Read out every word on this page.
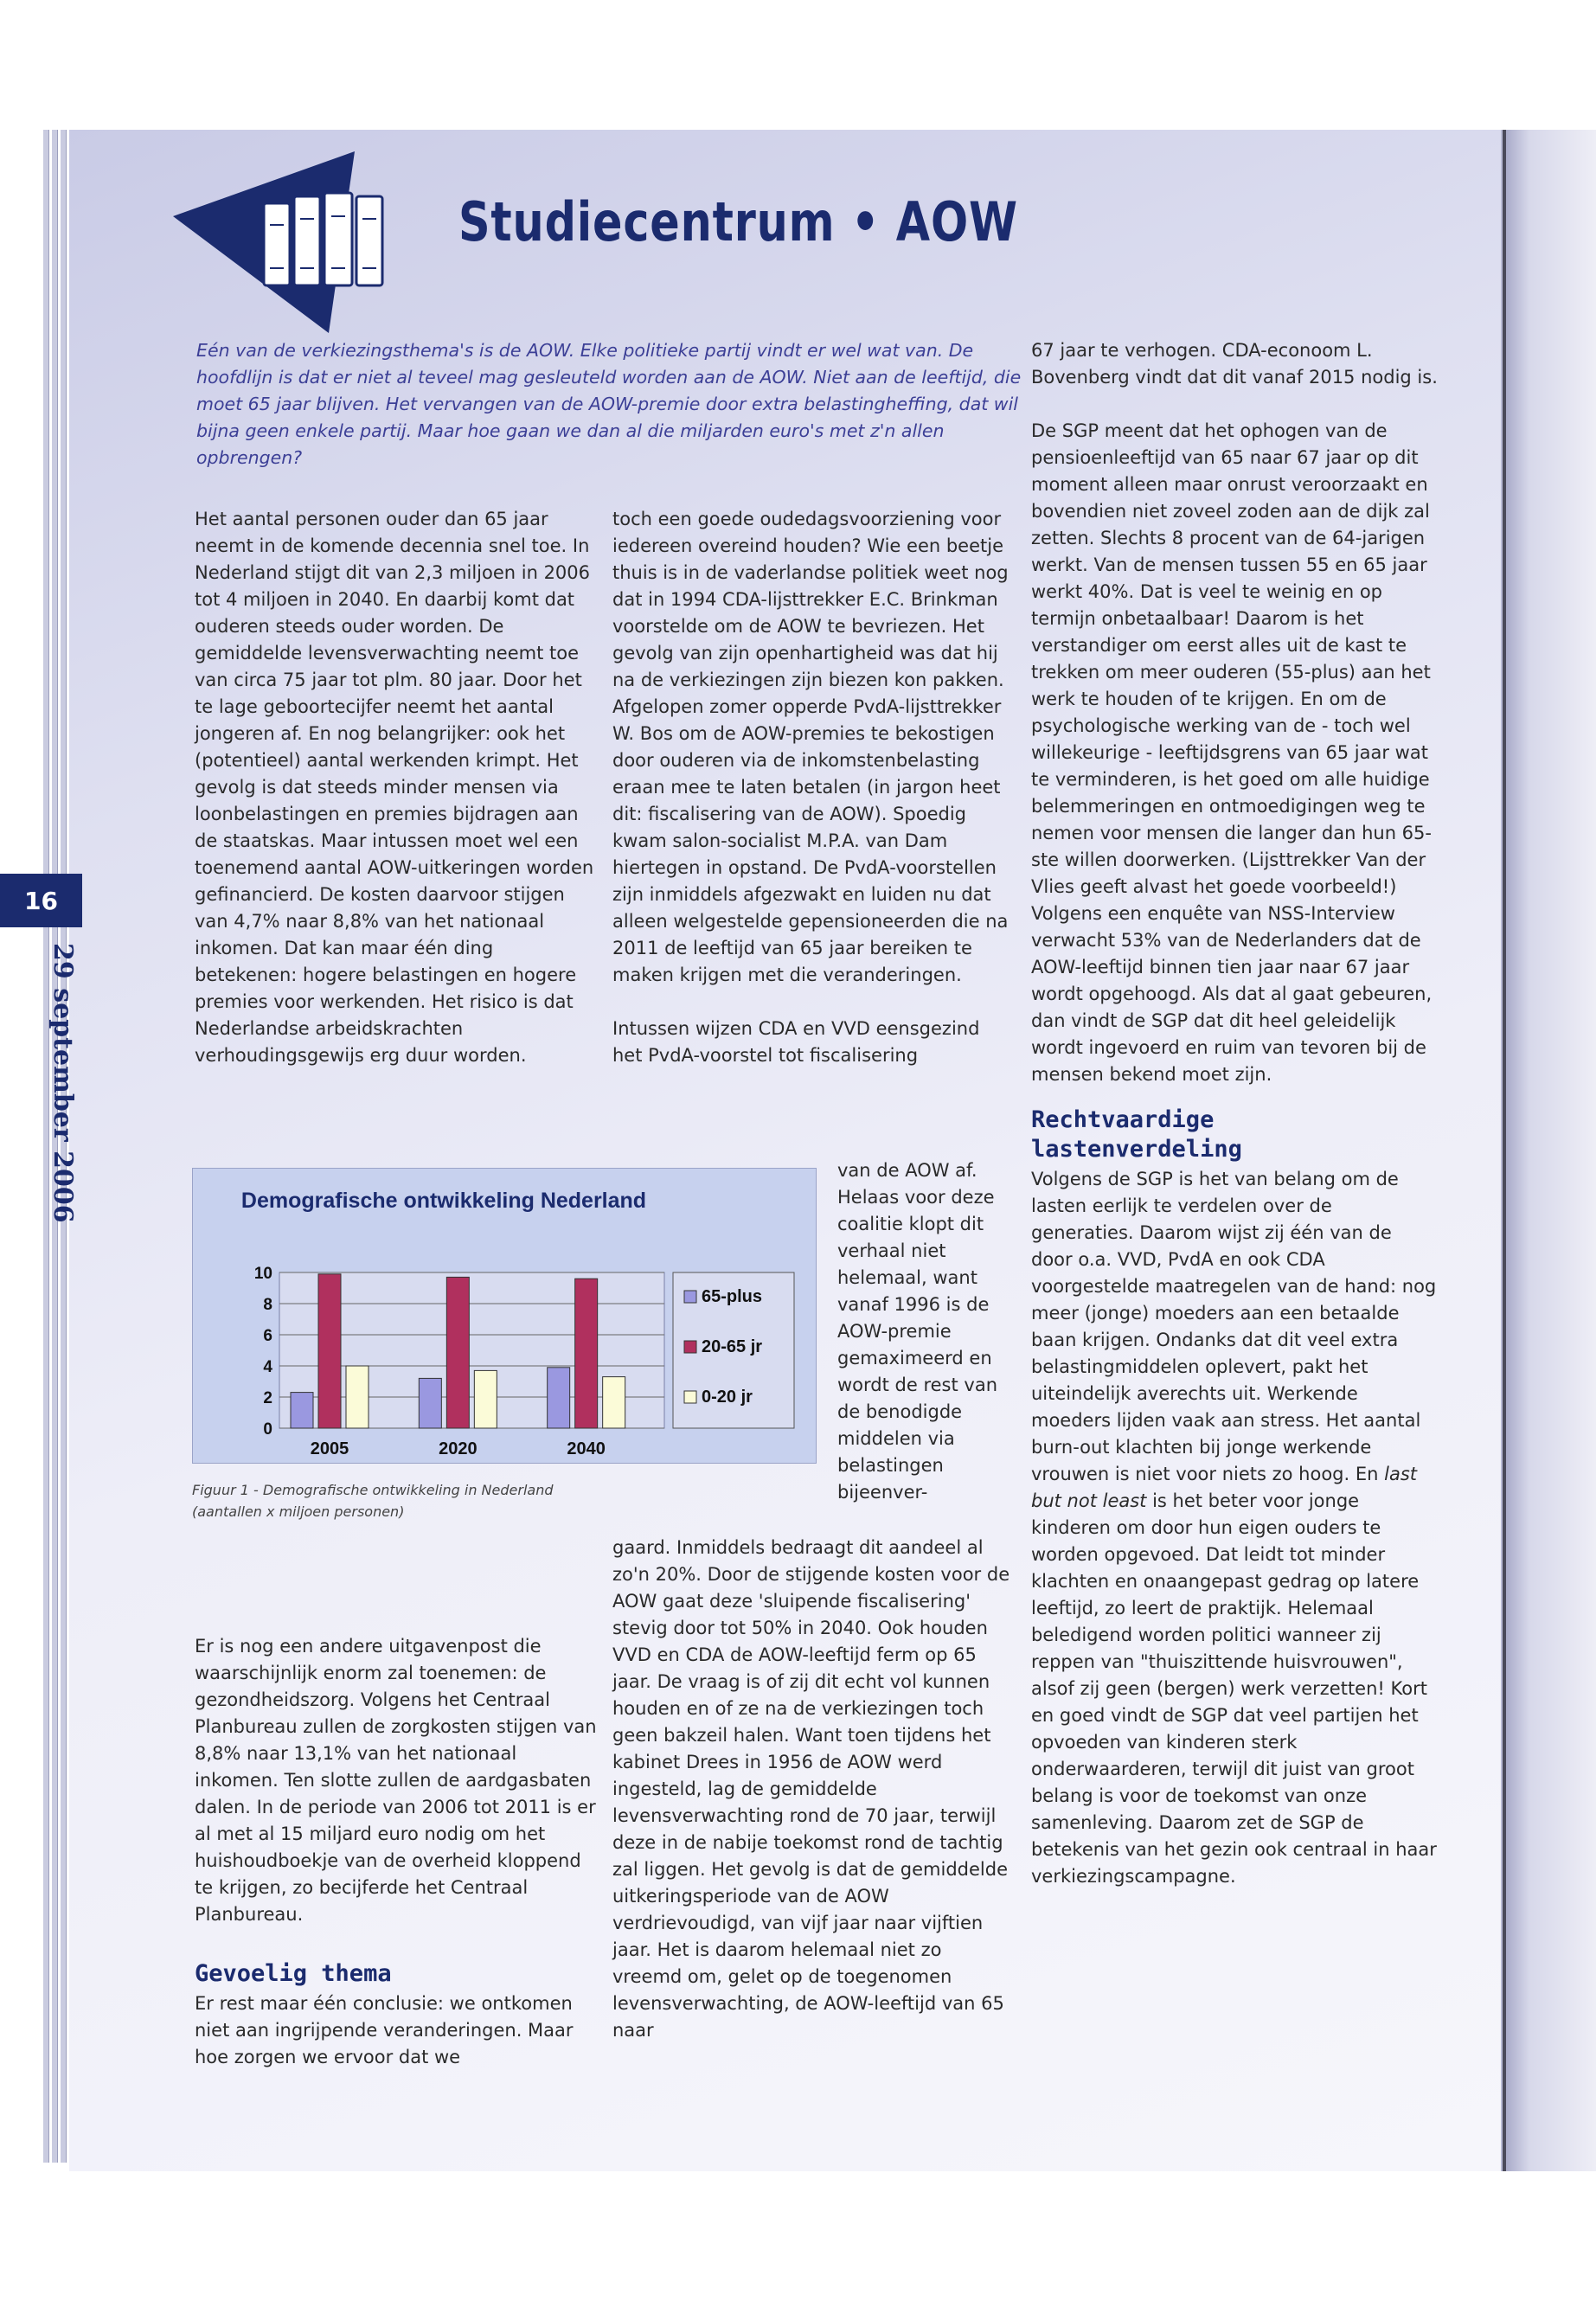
Studiecentrum • AOW
Eén van de verkiezingsthema's is de AOW. Elke politieke partij vindt er wel wat van. De hoofdlijn is dat er niet al teveel mag gesleuteld worden aan de AOW. Niet aan de leeftijd, die moet 65 jaar blijven. Het vervangen van de AOW-premie door extra belastingheffing, dat wil bijna geen enkele partij. Maar hoe gaan we dan al die miljarden euro's met z'n allen opbrengen?

Het aantal personen ouder dan 65 jaar neemt in de komende decennia snel toe. In Nederland stijgt dit van 2,3 miljoen in 2006 tot 4 miljoen in 2040. En daarbij komt dat ouderen steeds ouder worden. De gemiddelde levensverwachting neemt toe van circa 75 jaar tot plm. 80 jaar. Door het te lage geboortecijfer neemt het aantal jongeren af. En nog belangrijker: ook het (potentieel) aantal werkenden krimpt. Het gevolg is dat steeds minder mensen via loonbelastingen en premies bijdragen aan de staatskas. Maar intussen moet wel een toenemend aantal AOW-uitkeringen worden gefinancierd. De kosten daarvoor stijgen van 4,7% naar 8,8% van het nationaal inkomen. Dat kan maar één ding betekenen: hogere belastingen en hogere premies voor werkenden. Het risico is dat Nederlandse arbeidskrachten verhoudingsgewijs erg duur worden.

Er is nog een andere uitgavenpost die waarschijnlijk enorm zal toenemen: de gezondheidszorg. Volgens het Centraal Planbureau zullen de zorgkosten stijgen van 8,8% naar 13,1% van het nationaal inkomen. Ten slotte zullen de aardgasbaten dalen. In de periode van 2006 tot 2011 is er al met al 15 miljard euro nodig om het huishoudboekje van de overheid kloppend te krijgen, zo becijferde het Centraal Planbureau.

Gevoelig thema

Er rest maar één conclusie: we ontkomen niet aan ingrijpende veranderingen. Maar hoe zorgen we ervoor dat we

toch een goede oudedagsvoorziening voor iedereen overeind houden? Wie een beetje thuis is in de vaderlandse politiek weet nog dat in 1994 CDA-lijsttrekker E.C. Brinkman voorstelde om de AOW te bevriezen. Het gevolg van zijn openhartigheid was dat hij na de verkiezingen zijn biezen kon pakken. Afgelopen zomer opperde PvdA-lijsttrekker W. Bos om de AOW-premies te bekostigen door ouderen via de inkomstenbelasting eraan mee te laten betalen (in jargon heet dit: fiscalisering van de AOW). Spoedig kwam salon-socialist M.P.A. van Dam hiertegen in opstand. De PvdA-voorstellen zijn inmiddels afgezwakt en luiden nu dat alleen welgestelde gepensioneerden die na 2011 de leeftijd van 65 jaar bereiken te maken krijgen met die veranderingen.

Intussen wijzen CDA en VVD eensgezind het PvdA-voorstel tot fiscalisering

van de AOW af. Helaas voor deze coalitie klopt dit verhaal niet helemaal, want vanaf 1996 is de AOW-premie gemaximeerd en wordt de rest van de benodigde middelen via belastingen bijeenver-

gaard. Inmiddels bedraagt dit aandeel al zo'n 20%. Door de stijgende kosten voor de AOW gaat deze 'sluipende fiscalisering' stevig door tot 50% in 2040. Ook houden VVD en CDA de AOW-leeftijd ferm op 65 jaar. De vraag is of zij dit echt vol kunnen houden en of ze na de verkiezingen toch geen bakzeil halen. Want toen tijdens het kabinet Drees in 1956 de AOW werd ingesteld, lag de gemiddelde levensverwachting rond de 70 jaar, terwijl deze in de nabije toekomst rond de tachtig zal liggen. Het gevolg is dat de gemiddelde uitkeringsperiode van de AOW verdrievoudigd, van vijf jaar naar vijftien jaar. Het is daarom helemaal niet zo vreemd om, gelet op de toegenomen levensverwachting, de AOW-leeftijd van 65 naar

67 jaar te verhogen. CDA-econoom L. Bovenberg vindt dat dit vanaf 2015 nodig is.

De SGP meent dat het ophogen van de pensioenleeftijd van 65 naar 67 jaar op dit moment alleen maar onrust veroorzaakt en bovendien niet zoveel zoden aan de dijk zal zetten. Slechts 8 procent van de 64-jarigen werkt. Van de mensen tussen 55 en 65 jaar werkt 40%. Dat is veel te weinig en op termijn onbetaalbaar! Daarom is het verstandiger om eerst alles uit de kast te trekken om meer ouderen (55-plus) aan het werk te houden of te krijgen. En om de psychologische werking van de - toch wel willekeurige - leeftijdsgrens van 65 jaar wat te verminderen, is het goed om alle huidige belemmeringen en ontmoedigingen weg te nemen voor mensen die langer dan hun 65-ste willen doorwerken. (Lijsttrekker Van der Vlies geeft alvast het goede voorbeeld!) Volgens een enquête van NSS-Interview verwacht 53% van de Nederlanders dat de AOW-leeftijd binnen tien jaar naar 67 jaar wordt opgehoogd. Als dat al gaat gebeuren, dan vindt de SGP dat dit heel geleidelijk wordt ingevoerd en ruim van tevoren bij de mensen bekend moet zijn.

Rechtvaardige lastenverdeling

Volgens de SGP is het van belang om de lasten eerlijk te verdelen over de generaties. Daarom wijst zij één van de door o.a. VVD, PvdA en ook CDA voorgestelde maatregelen van de hand: nog meer (jonge) moeders aan een betaalde baan krijgen. Ondanks dat dit veel extra belastingmiddelen oplevert, pakt het uiteindelijk averechts uit. Werkende moeders lijden vaak aan stress. Het aantal burn-out klachten bij jonge werkende vrouwen is niet voor niets zo hoog. En last but not least is het beter voor jonge kinderen om door hun eigen ouders te worden opgevoed. Dat leidt tot minder klachten en onaangepast gedrag op latere leeftijd, zo leert de praktijk. Helemaal beledigend worden politici wanneer zij reppen van "thuiszittende huisvrouwen", alsof zij geen (bergen) werk verzetten! Kort en goed vindt de SGP dat veel partijen het opvoeden van kinderen sterk onderwaarderen, terwijl dit juist van groot belang is voor de toekomst van onze samenleving. Daarom zet de SGP de betekenis van het gezin ook centraal in haar verkiezingscampagne.

Demografische ontwikkeling Nederland
0
2
4
6
8
10
2005	2020	2040
65-plus
20-65 jr
0-20 jr
Figuur 1 - Demografische ontwikkeling in Nederland (aantallen x miljoen personen)
16
29 september 2006
